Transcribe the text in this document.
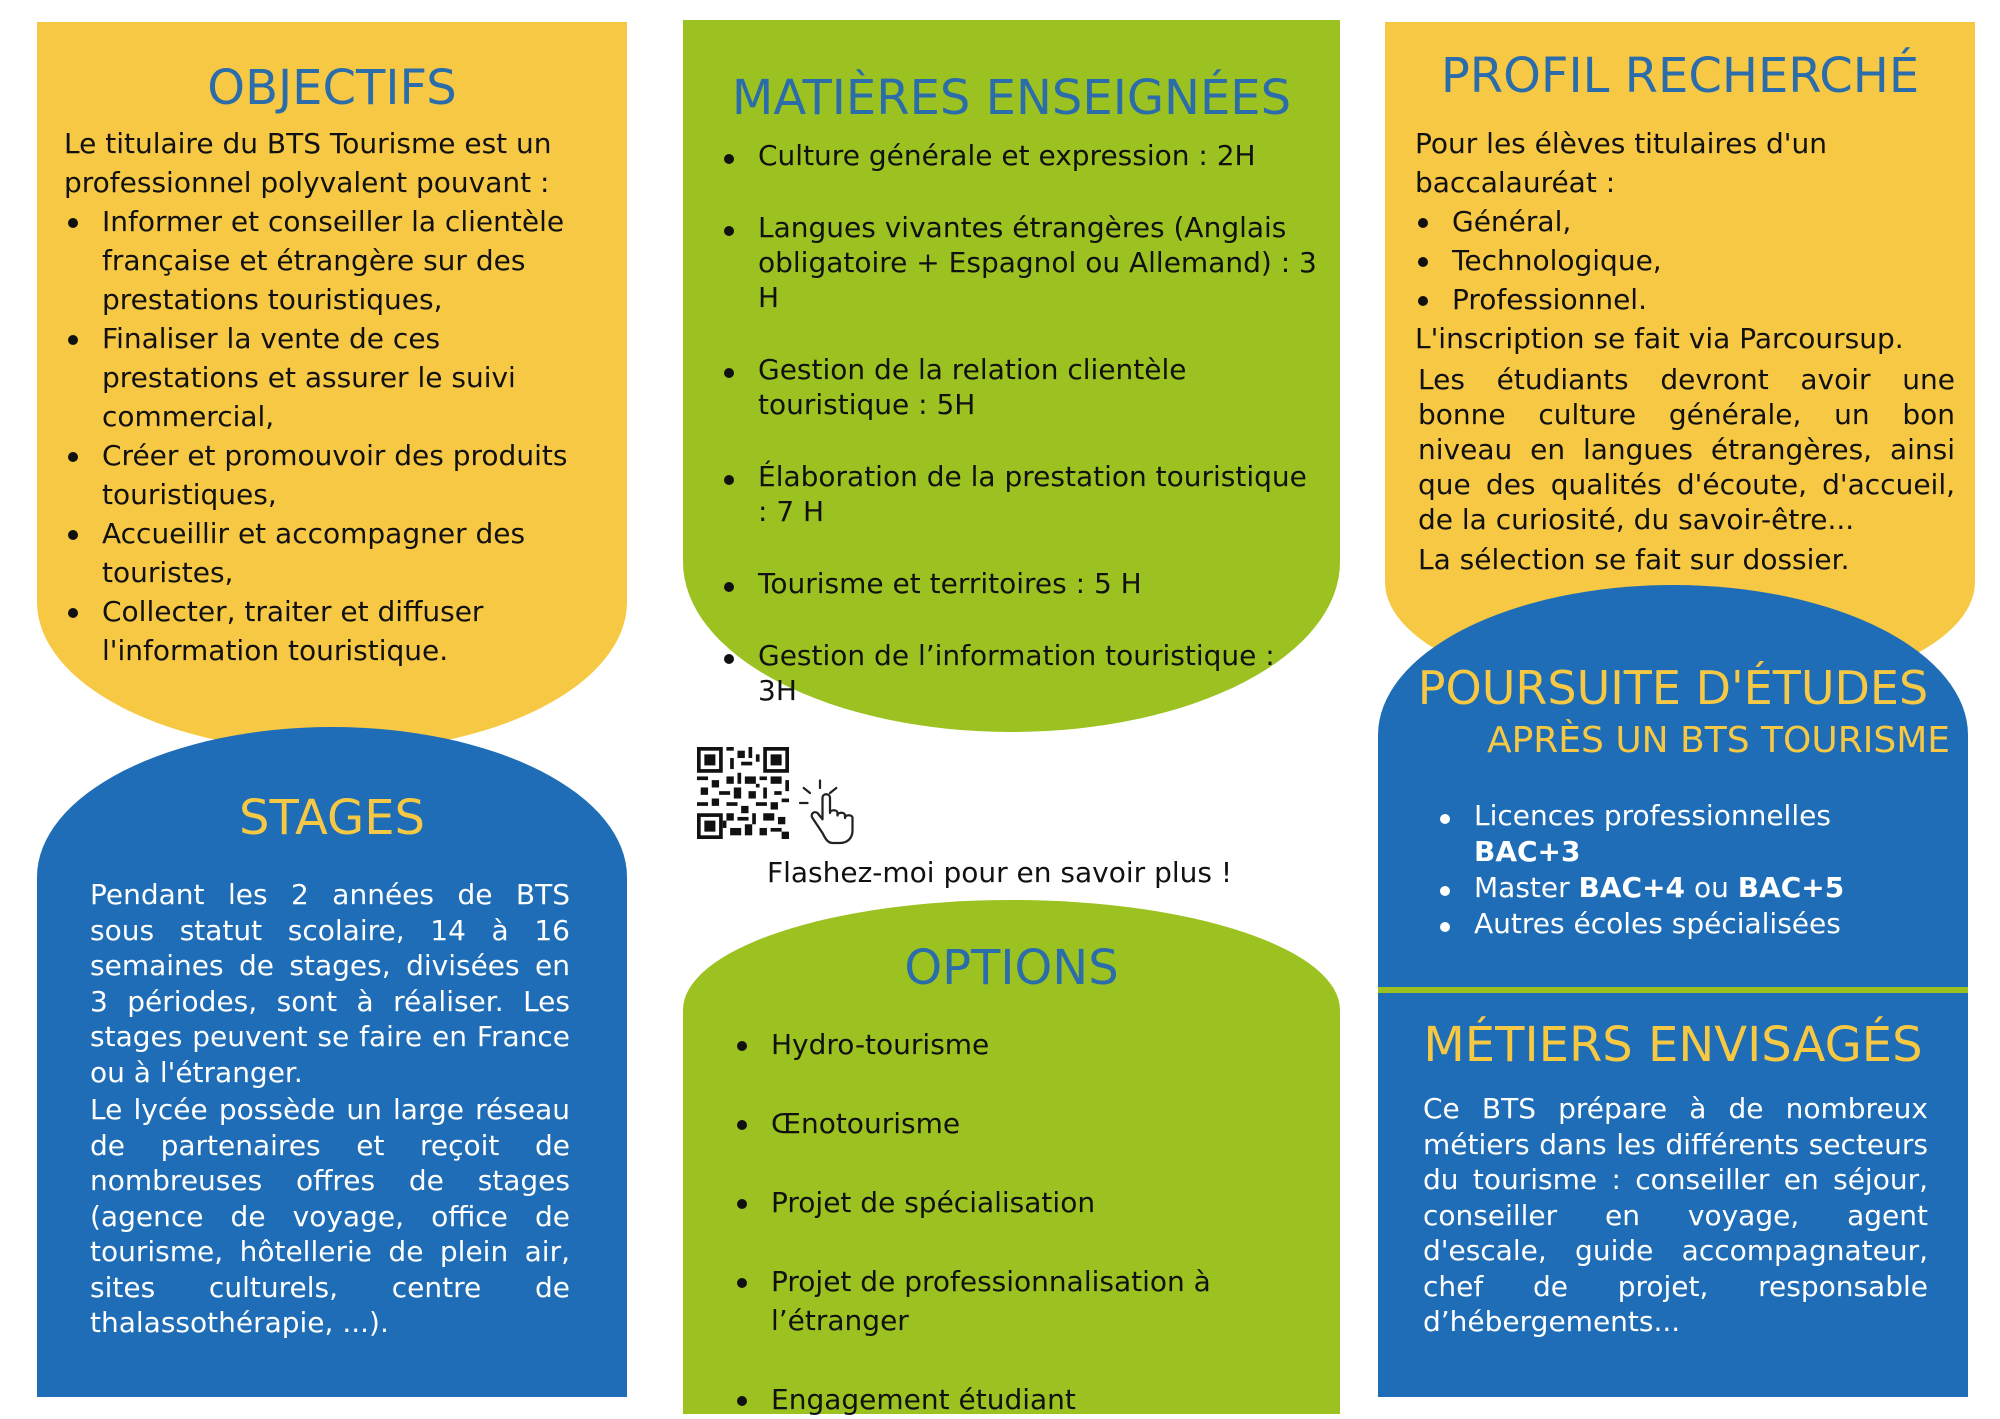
OBJECTIFS
Le titulaire du BTS Tourisme est un professionnel polyvalent pouvant :
Informer et conseiller la clientèle française et étrangère sur des prestations touristiques,
Finaliser la vente de ces prestations et assurer le suivi commercial,
Créer et promouvoir des produits touristiques,
Accueillir et accompagner des touristes,
Collecter, traiter et diffuser l'information touristique.
MATIÈRES ENSEIGNÉES
Culture générale et expression : 2H
Langues vivantes étrangères (Anglais obligatoire + Espagnol ou Allemand) : 3 H
Gestion de la relation clientèle touristique : 5H
Élaboration de la prestation touristique : 7 H
Tourisme et territoires : 5 H
Gestion de l’information touristique : 3H
PROFIL RECHERCHÉ
Pour les élèves titulaires d'un baccalauréat :
Général,
Technologique,
Professionnel.
L'inscription se fait via Parcoursup.
Les étudiants devront avoir une bonne culture générale, un bon niveau en langues étrangères, ainsi que des qualités d'écoute, d'accueil, de la curiosité, du savoir-être...
La sélection se fait sur dossier.
STAGES
Pendant les 2 années de BTS sous statut scolaire, 14 à 16 semaines de stages, divisées en 3 périodes, sont à réaliser. Les stages peuvent se faire en France ou à l'étranger.
Le lycée possède un large réseau de partenaires et reçoit de nombreuses offres de stages (agence de voyage, office de tourisme, hôtellerie de plein air, sites culturels, centre de thalassothérapie, ...).
Flashez-moi pour en savoir plus !
OPTIONS
Hydro-tourisme
Œnotourisme
Projet de spécialisation
Projet de professionnalisation à l’étranger
Engagement étudiant
POURSUITE D'ÉTUDES
APRÈS UN BTS TOURISME
Licences professionnelles
BAC+3
Master BAC+4 ou BAC+5
Autres écoles spécialisées
MÉTIERS ENVISAGÉS
Ce BTS prépare à de nombreux métiers dans les différents secteurs du tourisme : conseiller en séjour, conseiller en voyage, agent d'escale, guide accompagnateur, chef de projet, responsable d’hébergements...
